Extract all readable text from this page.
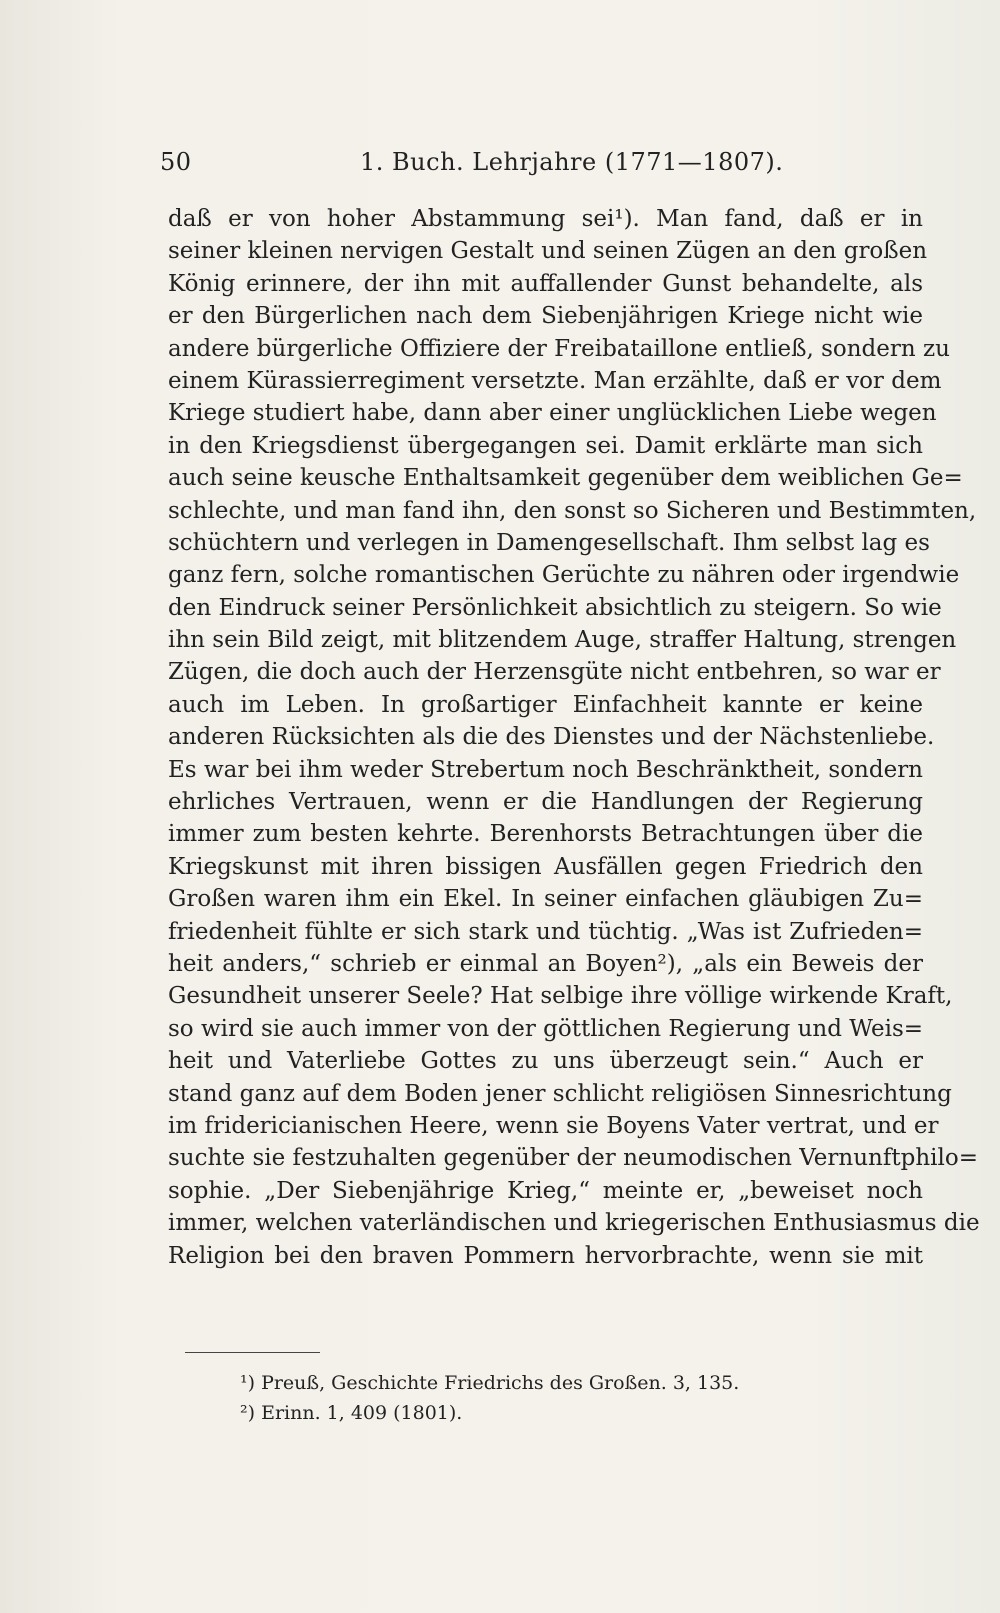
50	1. Buch. Lehrjahre (1771—1807).
daß er von hoher Abstammung sei¹). Man fand, daß er in
seiner kleinen nervigen Gestalt und seinen Zügen an den großen
König erinnere, der ihn mit auffallender Gunst behandelte, als
er den Bürgerlichen nach dem Siebenjährigen Kriege nicht wie
andere bürgerliche Offiziere der Freibataillone entließ, sondern zu
einem Kürassierregiment versetzte. Man erzählte, daß er vor dem
Kriege studiert habe, dann aber einer unglücklichen Liebe wegen
in den Kriegsdienst übergegangen sei. Damit erklärte man sich
auch seine keusche Enthaltsamkeit gegenüber dem weiblichen Ge=
schlechte, und man fand ihn, den sonst so Sicheren und Bestimmten,
schüchtern und verlegen in Damengesellschaft. Ihm selbst lag es
ganz fern, solche romantischen Gerüchte zu nähren oder irgendwie
den Eindruck seiner Persönlichkeit absichtlich zu steigern. So wie
ihn sein Bild zeigt, mit blitzendem Auge, straffer Haltung, strengen
Zügen, die doch auch der Herzensgüte nicht entbehren, so war er
auch im Leben. In großartiger Einfachheit kannte er keine
anderen Rücksichten als die des Dienstes und der Nächstenliebe.
Es war bei ihm weder Strebertum noch Beschränktheit, sondern
ehrliches Vertrauen, wenn er die Handlungen der Regierung
immer zum besten kehrte. Berenhorsts Betrachtungen über die
Kriegskunst mit ihren bissigen Ausfällen gegen Friedrich den
Großen waren ihm ein Ekel. In seiner einfachen gläubigen Zu=
friedenheit fühlte er sich stark und tüchtig. „Was ist Zufrieden=
heit anders,“ schrieb er einmal an Boyen²), „als ein Beweis der
Gesundheit unserer Seele? Hat selbige ihre völlige wirkende Kraft,
so wird sie auch immer von der göttlichen Regierung und Weis=
heit und Vaterliebe Gottes zu uns überzeugt sein.“ Auch er
stand ganz auf dem Boden jener schlicht religiösen Sinnesrichtung
im fridericianischen Heere, wenn sie Boyens Vater vertrat, und er
suchte sie festzuhalten gegenüber der neumodischen Vernunftphilo=
sophie. „Der Siebenjährige Krieg,“ meinte er, „beweiset noch
immer, welchen vaterländischen und kriegerischen Enthusiasmus die
Religion bei den braven Pommern hervorbrachte, wenn sie mit
¹) Preuß, Geschichte Friedrichs des Großen. 3, 135.
²) Erinn. 1, 409 (1801).
